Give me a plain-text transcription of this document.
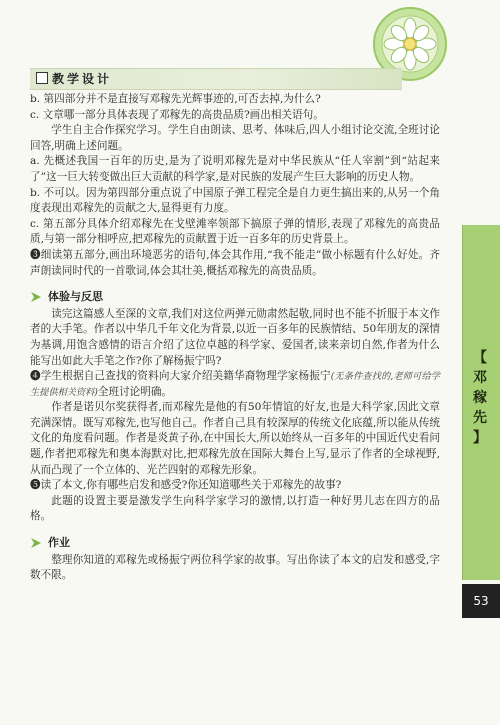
教学设计

b. 第四部分并不是直接写邓稼先光辉事迹的,可否去掉,为什么?

c. 文章哪一部分具体表现了邓稼先的高贵品质?画出相关语句。

学生自主合作探究学习。学生自由朗读、思考、体味后,四人小组讨论交流,全班讨论回答,明确上述问题。

a. 先概述我国一百年的历史,是为了说明邓稼先是对中华民族从“任人宰割”到“站起来了”这一巨大转变做出巨大贡献的科学家,是对民族的发展产生巨大影响的历史人物。

b. 不可以。因为第四部分重点说了中国原子弹工程完全是自力更生搞出来的,从另一个角度表现出邓稼先的贡献之大,显得更有力度。

c. 第五部分具体介绍邓稼先在戈壁滩率领部下搞原子弹的情形,表现了邓稼先的高贵品质,与第一部分相呼应,把邓稼先的贡献置于近一百多年的历史背景上。

❸细读第五部分,画出环境恶劣的语句,体会其作用,“我不能走”做小标题有什么好处。齐声朗读同时代的一首歌词,体会其壮美,概括邓稼先的高贵品质。

体验与反思

读完这篇感人至深的文章,我们对这位两弹元勋肃然起敬,同时也不能不折服于本文作者的大手笔。作者以中华几千年文化为背景,以近一百多年的民族情结、50年朋友的深情为基调,用饱含感情的语言介绍了这位卓越的科学家、爱国者,读来亲切自然,作者为什么能写出如此大手笔之作?你了解杨振宁吗?

❹学生根据自己查找的资料向大家介绍美籍华裔物理学家杨振宁(无条件查找的,老师可给学生提供相关资料)全班讨论明确。

作者是诺贝尔奖获得者,而邓稼先是他的有50年情谊的好友,也是大科学家,因此文章充满深情。既写邓稼先,也写他自己。作者自己具有较深厚的传统文化底蕴,所以能从传统文化的角度看问题。作者是炎黄子孙,在中国长大,所以始终从一百多年的中国近代史看问题,作者把邓稼先和奥本海默对比,把邓稼先放在国际大舞台上写,显示了作者的全球视野,从而凸现了一个立体的、光芒四射的邓稼先形象。

❺读了本文,你有哪些启发和感受?你还知道哪些关于邓稼先的故事?

此题的设置主要是激发学生向科学家学习的激情,以打造一种好男儿志在四方的品格。

作业

整理你知道的邓稼先或杨振宁两位科学家的故事。写出你读了本文的启发和感受,字数不限。

【
邓
稼
先
】
53
